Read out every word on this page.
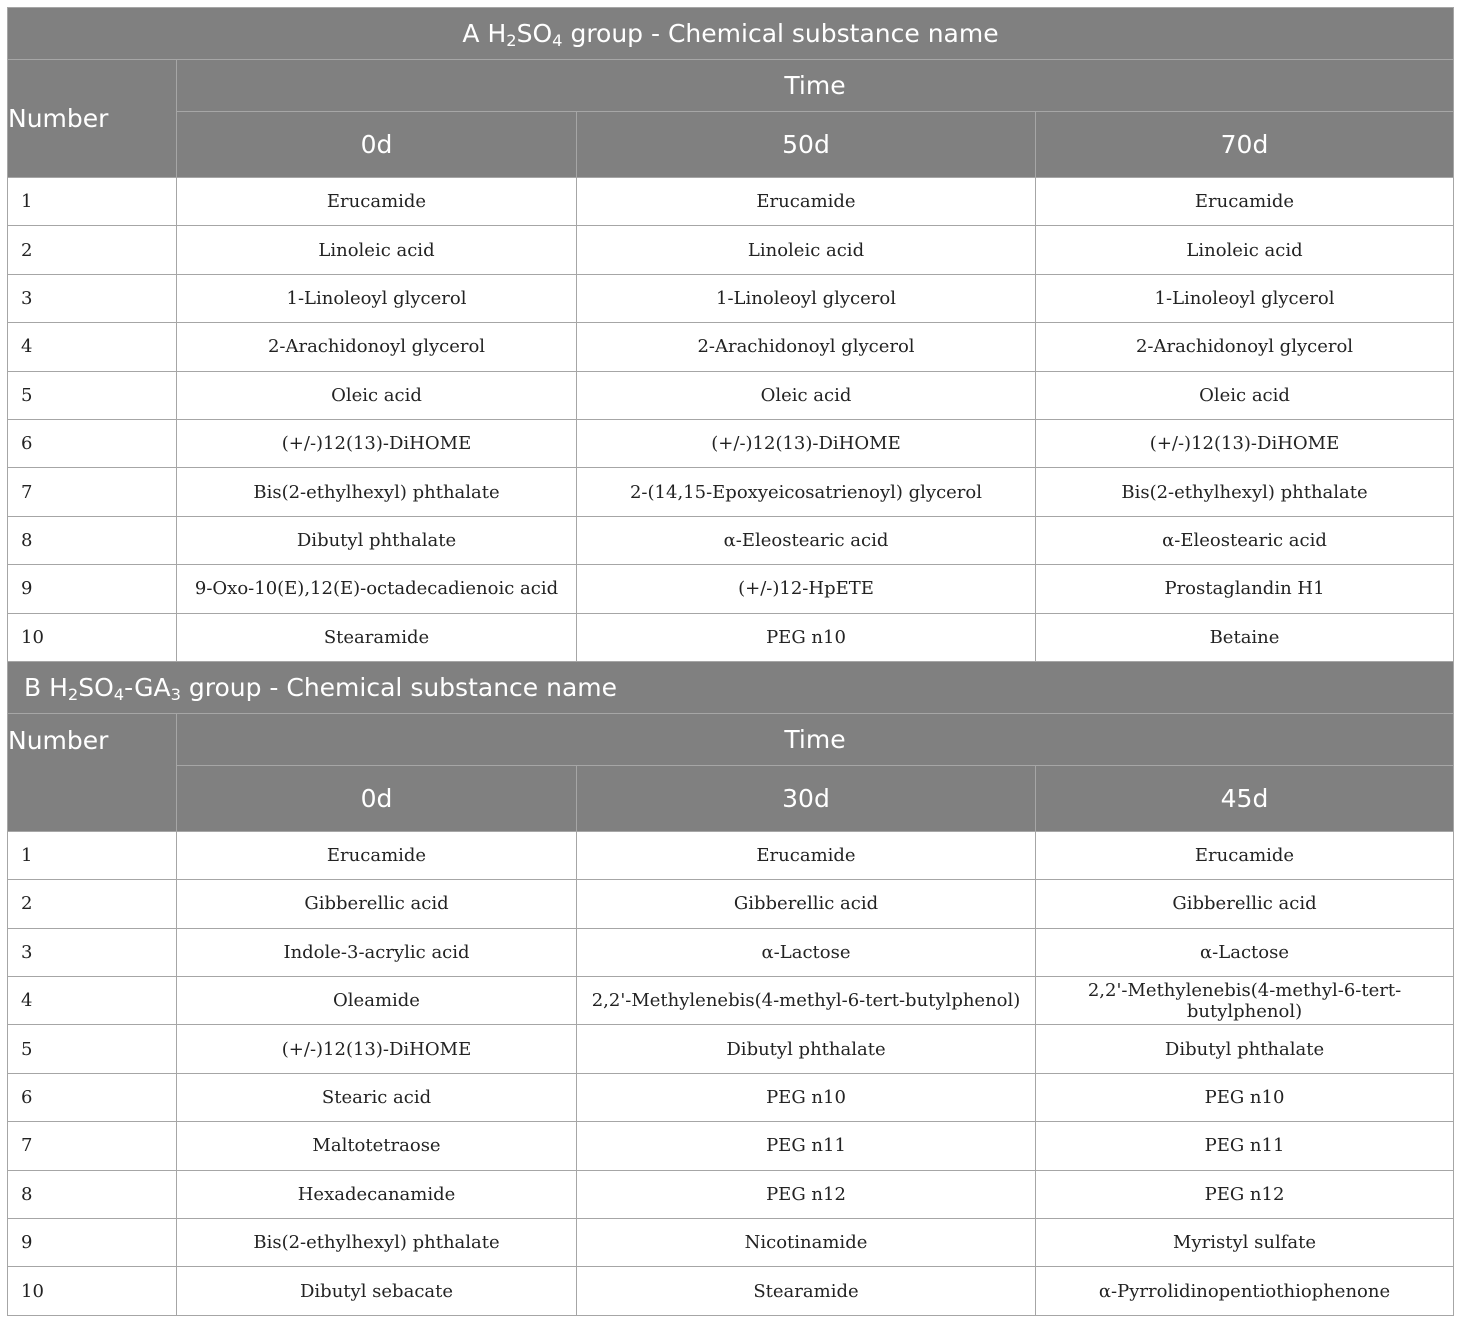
A $H_2SO_4$ group - Chemical substance name			
Number	Time		
	0d	50d	70d
1	Erucamide	Erucamide	Erucamide
2	Linoleic acid	Linoleic acid	Linoleic acid
3	1-Linoleoyl glycerol	1-Linoleoyl glycerol	1-Linoleoyl glycerol
4	2-Arachidonoyl glycerol	2-Arachidonoyl glycerol	2-Arachidonoyl glycerol
5	Oleic acid	Oleic acid	Oleic acid
6	(+/-)12(13)-DiHOME	(+/-)12(13)-DiHOME	(+/-)12(13)-DiHOME
7	Bis(2-ethylhexyl) phthalate	2-(14,15-Epoxyeicosatrienoyl) glycerol	Bis(2-ethylhexyl) phthalate
8	Dibutyl phthalate	α-Eleostearic acid	α-Eleostearic acid
9	9-Oxo-10(E),12(E)-octadecadienoic acid	(+/-)12-HpETE	Prostaglandin H1
10	Stearamide	PEG n10	Betaine
B $H_2SO_4-GA_3$ group - Chemical substance name			
Number	Time		
	0d	30d	45d
1	Erucamide	Erucamide	Erucamide
2	Gibberellic acid	Gibberellic acid	Gibberellic acid
3	Indole-3-acrylic acid	α-Lactose	α-Lactose
4	Oleamide	2,2'-Methylenebis(4-methyl-6-tert-butylphenol)	2,2'-Methylenebis(4-methyl-6-tert-butylphenol)
5	(+/-)12(13)-DiHOME	Dibutyl phthalate	Dibutyl phthalate
6	Stearic acid	PEG n10	PEG n10
7	Maltotetraose	PEG n11	PEG n11
8	Hexadecanamide	PEG n12	PEG n12
9	Bis(2-ethylhexyl) phthalate	Nicotinamide	Myristyl sulfate
10	Dibutyl sebacate	Stearamide	α-Pyrrolidinopentiothiophenone
